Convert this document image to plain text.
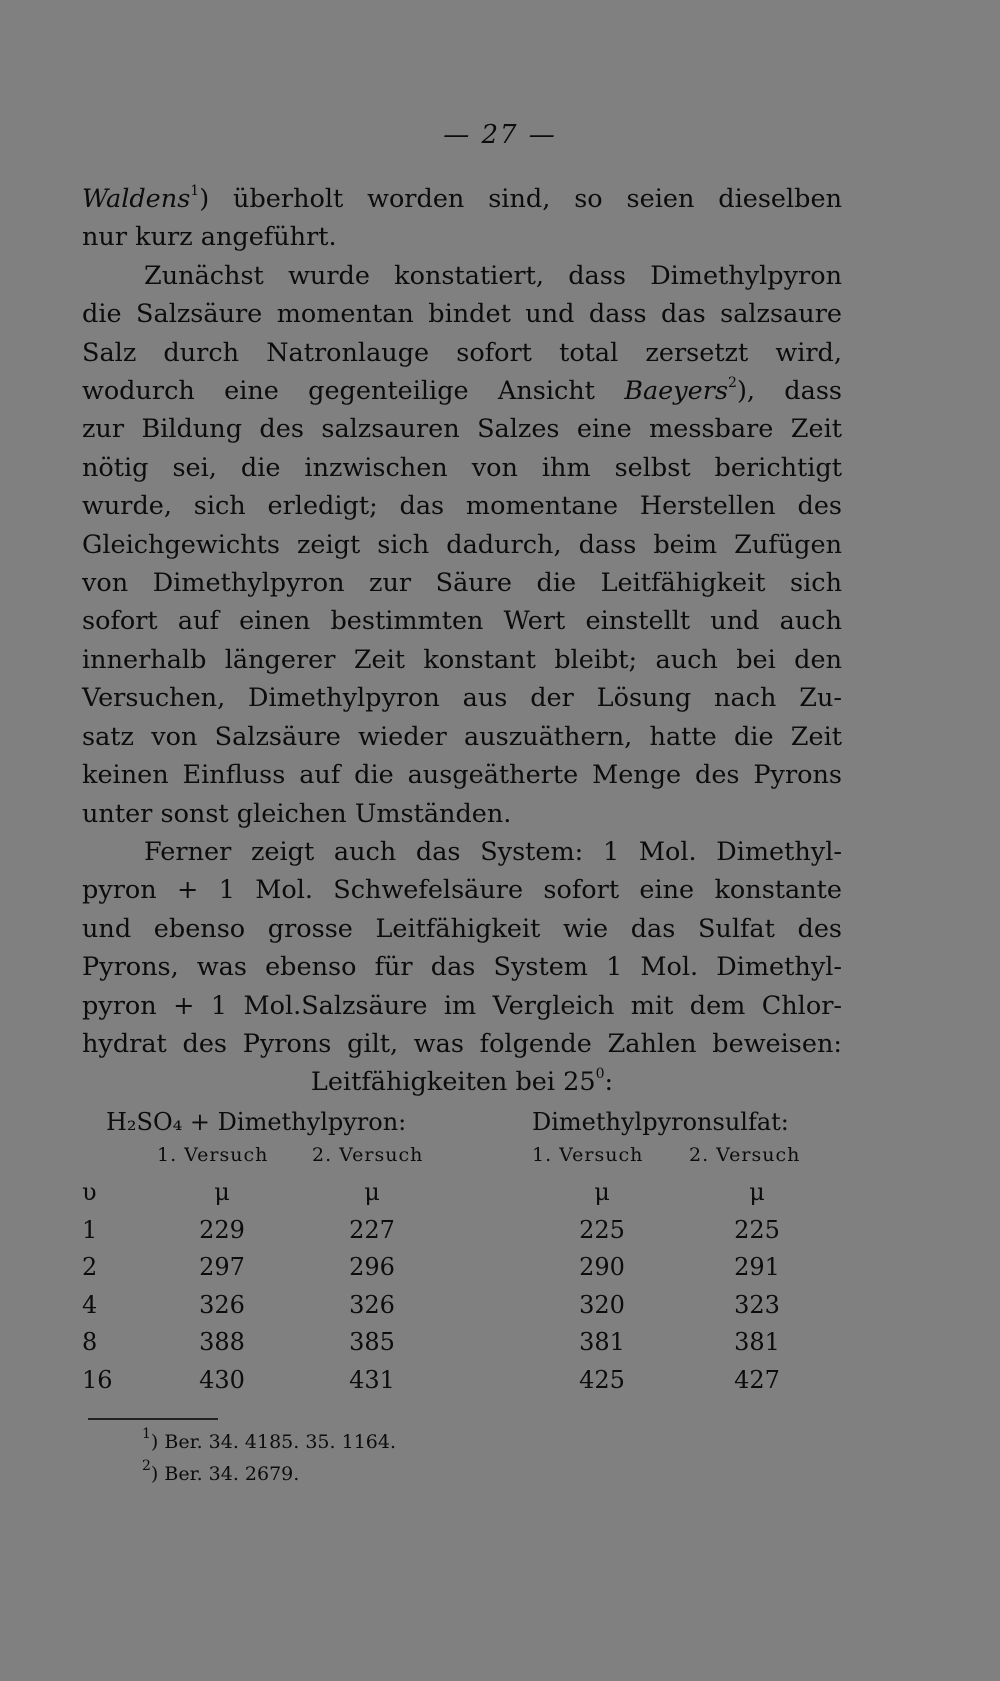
— 27 —
Waldens$^1$) überholt worden sind, so seien dieselben
nur kurz angeführt.
Zunächst wurde konstatiert, dass Dimethylpyron
die Salzsäure momentan bindet und dass das salzsaure
Salz durch Natronlauge sofort total zersetzt wird,
wodurch eine gegenteilige Ansicht Baeyers$^2$), dass
zur Bildung des salzsauren Salzes eine messbare Zeit
nötig sei, die inzwischen von ihm selbst berichtigt
wurde, sich erledigt; das momentane Herstellen des
Gleichgewichts zeigt sich dadurch, dass beim Zufügen
von Dimethylpyron zur Säure die Leitfähigkeit sich
sofort auf einen bestimmten Wert einstellt und auch
innerhalb längerer Zeit konstant bleibt; auch bei den
Versuchen, Dimethylpyron aus der Lösung nach Zu-
satz von Salzsäure wieder auszuäthern, hatte die Zeit
keinen Einfluss auf die ausgeätherte Menge des Pyrons
unter sonst gleichen Umständen.
Ferner zeigt auch das System: 1 Mol. Dimethyl-
pyron + 1 Mol. Schwefelsäure sofort eine konstante
und ebenso grosse Leitfähigkeit wie das Sulfat des
Pyrons, was ebenso für das System 1 Mol. Dimethyl-
pyron + 1 Mol.Salzsäure im Vergleich mit dem Chlor-
hydrat des Pyrons gilt, was folgende Zahlen beweisen:
Leitfähigkeiten bei $25^0$:
H₂SO₄ + Dimethylpyron:	Dimethylpyronsulfat:
1. Versuch 2. Versuch	1. Versuch 2. Versuch
υ	μ	μ	μ	μ
1	229	227	225	225
2	297	296	290	291
4	326	326	320	323
8	388	385	381	381
16	430	431	425	427
$^1$) Ber. 34. 4185. 35. 1164.
$^2$) Ber. 34. 2679.
